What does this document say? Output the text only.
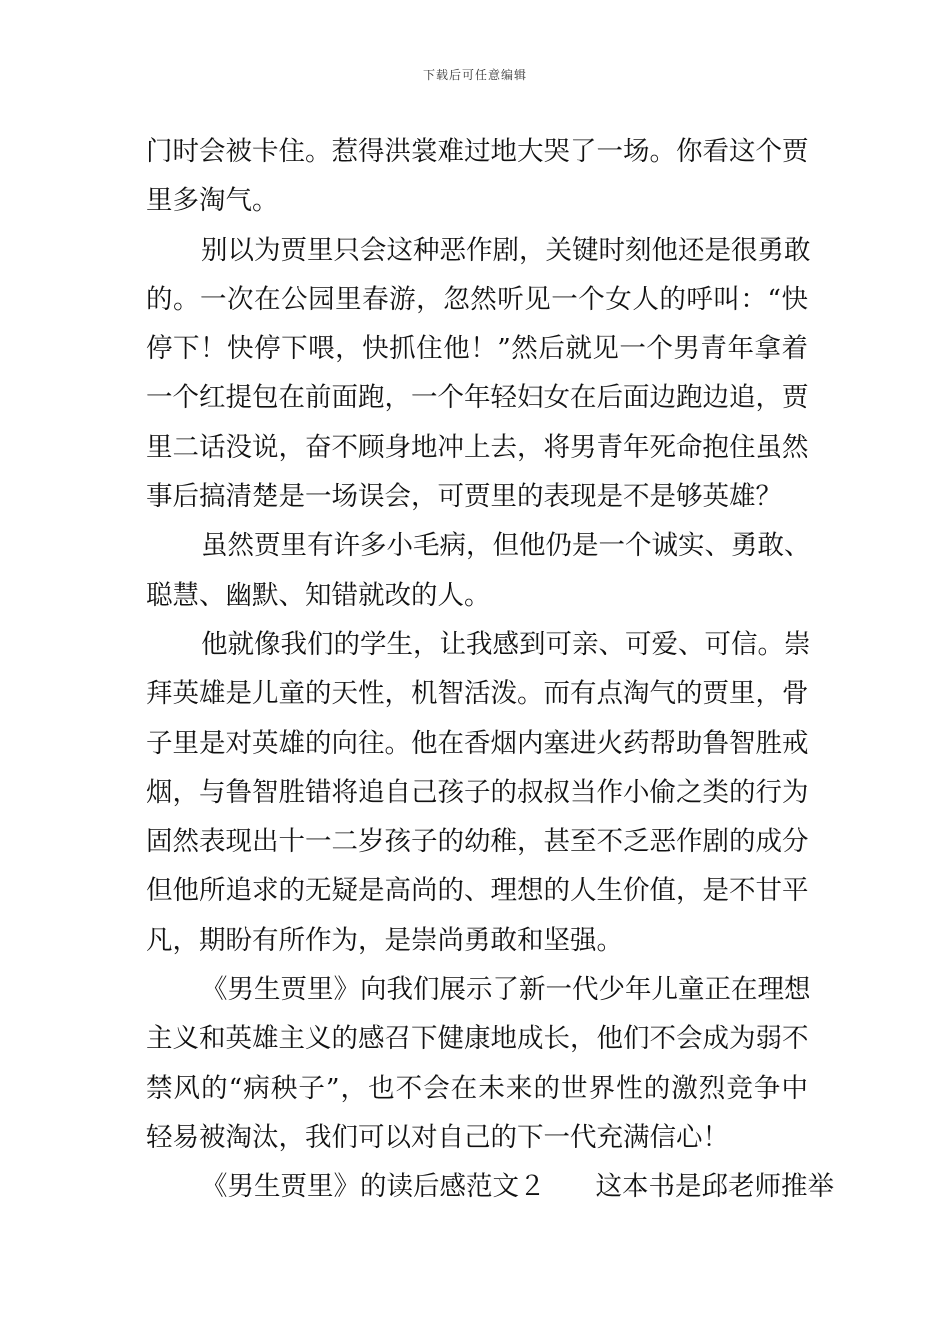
下载后可任意编辑
门时会被卡住。惹得洪裳难过地大哭了一场。你看这个贾
里多淘气。
别以为贾里只会这种恶作剧，关键时刻他还是很勇敢
的。一次在公园里春游，忽然听见一个女人的呼叫：“快
停下！快停下喂，快抓住他！”然后就见一个男青年拿着
一个红提包在前面跑，一个年轻妇女在后面边跑边追，贾
里二话没说，奋不顾身地冲上去，将男青年死命抱住虽然
事后搞清楚是一场误会，可贾里的表现是不是够英雄？
虽然贾里有许多小毛病，但他仍是一个诚实、勇敢、
聪慧、幽默、知错就改的人。
他就像我们的学生，让我感到可亲、可爱、可信。崇
拜英雄是儿童的天性，机智活泼。而有点淘气的贾里，骨
子里是对英雄的向往。他在香烟内塞进火药帮助鲁智胜戒
烟，与鲁智胜错将追自己孩子的叔叔当作小偷之类的行为
固然表现出十一二岁孩子的幼稚，甚至不乏恶作剧的成分
但他所追求的无疑是高尚的、理想的人生价值，是不甘平
凡，期盼有所作为，是崇尚勇敢和坚强。
《男生贾里》向我们展示了新一代少年儿童正在理想
主义和英雄主义的感召下健康地成长，他们不会成为弱不
禁风的“病秧子”，也不会在未来的世界性的激烈竞争中
轻易被淘汰，我们可以对自己的下一代充满信心！
《男生贾里》的读后感范文２ 这本书是邱老师推举
